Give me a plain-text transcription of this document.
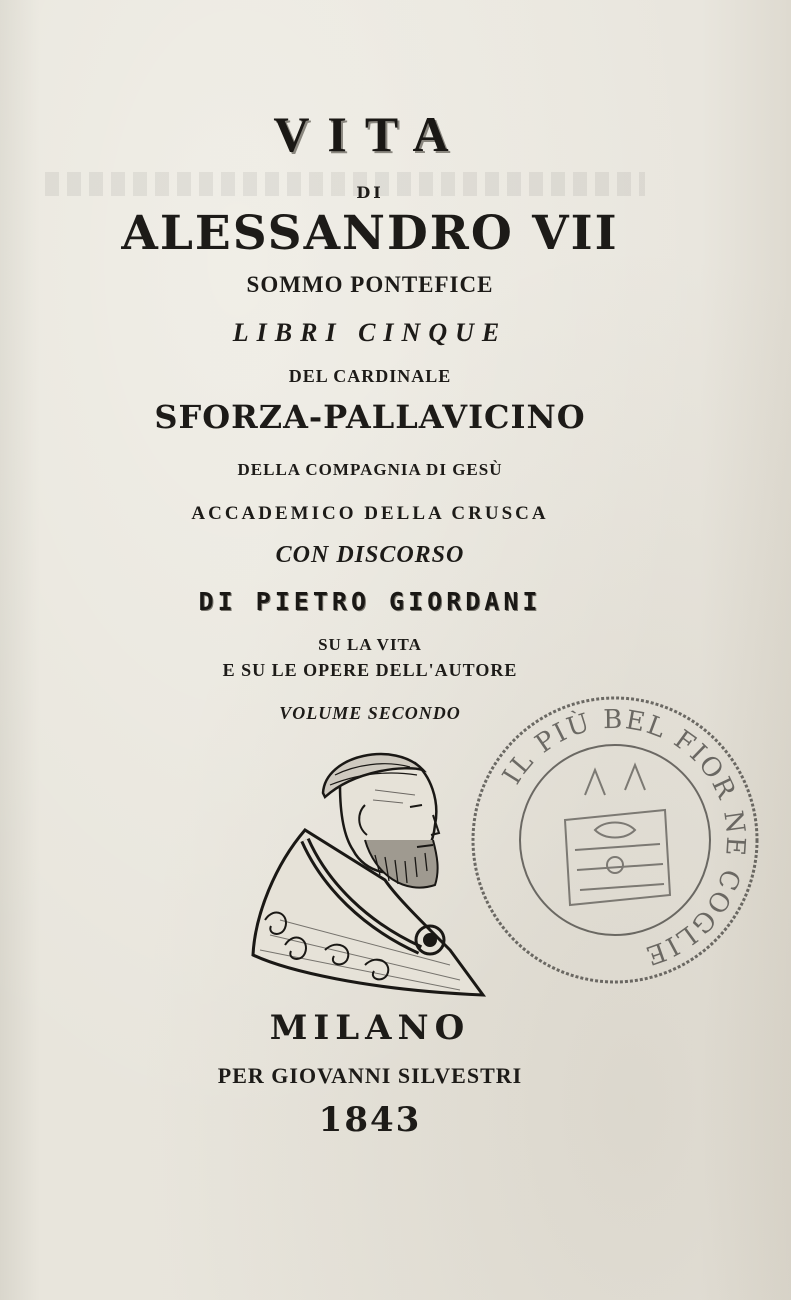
VITA

DI

ALESSANDRO VII

SOMMO PONTEFICE

LIBRI CINQUE

DEL CARDINALE

SFORZA-PALLAVICINO

DELLA COMPAGNIA DI GESÙ

ACCADEMICO DELLA CRUSCA

CON DISCORSO

DI PIETRO GIORDANI

SU LA VITA

E SU LE OPERE DELL'AUTORE

VOLUME SECONDO

IL PIÙ BEL FIOR NE COGLIE

MILANO

PER GIOVANNI SILVESTRI

1843
